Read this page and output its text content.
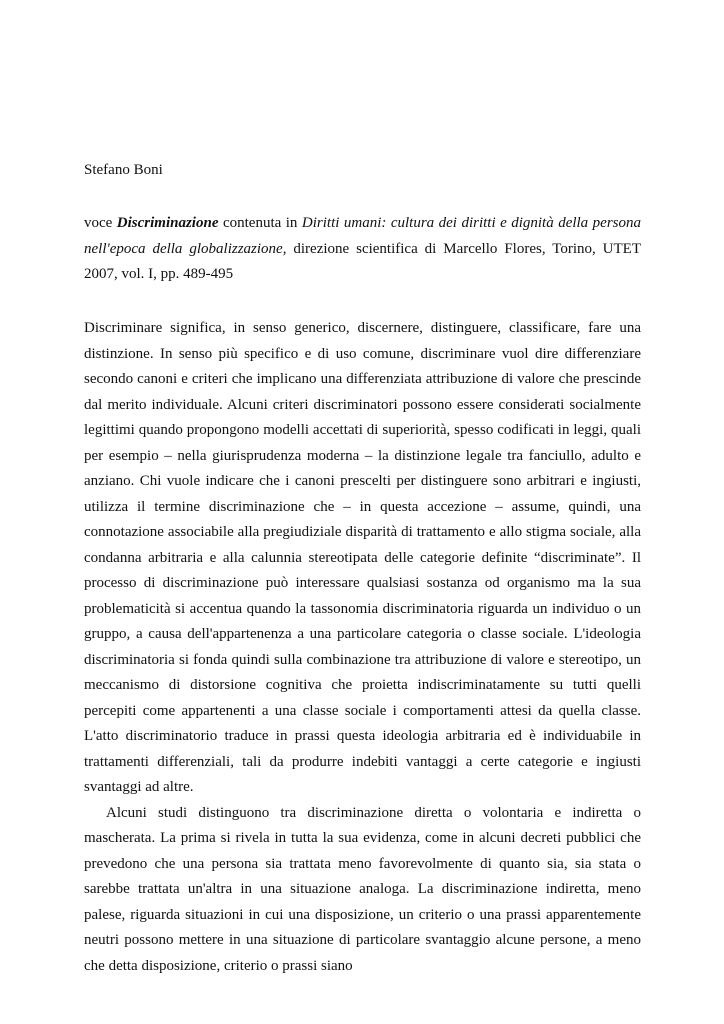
Stefano Boni

voce Discriminazione contenuta in Diritti umani: cultura dei diritti e dignità della persona nell'epoca della globalizzazione, direzione scientifica di Marcello Flores, Torino, UTET 2007, vol. I, pp. 489-495

Discriminare significa, in senso generico, discernere, distinguere, classificare, fare una distinzione. In senso più specifico e di uso comune, discriminare vuol dire differenziare secondo canoni e criteri che implicano una differenziata attribuzione di valore che prescinde dal merito individuale. Alcuni criteri discriminatori possono essere considerati socialmente legittimi quando propongono modelli accettati di superiorità, spesso codificati in leggi, quali per esempio – nella giurisprudenza moderna – la distinzione legale tra fanciullo, adulto e anziano. Chi vuole indicare che i canoni prescelti per distinguere sono arbitrari e ingiusti, utilizza il termine discriminazione che – in questa accezione – assume, quindi, una connotazione associabile alla pregiudiziale disparità di trattamento e allo stigma sociale, alla condanna arbitraria e alla calunnia stereotipata delle categorie definite “discriminate”. Il processo di discriminazione può interessare qualsiasi sostanza od organismo ma la sua problematicità si accentua quando la tassonomia discriminatoria riguarda un individuo o un gruppo, a causa dell'appartenenza a una particolare categoria o classe sociale. L'ideologia discriminatoria si fonda quindi sulla combinazione tra attribuzione di valore e stereotipo, un meccanismo di distorsione cognitiva che proietta indiscriminatamente su tutti quelli percepiti come appartenenti a una classe sociale i comportamenti attesi da quella classe. L'atto discriminatorio traduce in prassi questa ideologia arbitraria ed è individuabile in trattamenti differenziali, tali da produrre indebiti vantaggi a certe categorie e ingiusti svantaggi ad altre.

Alcuni studi distinguono tra discriminazione diretta o volontaria e indiretta o mascherata. La prima si rivela in tutta la sua evidenza, come in alcuni decreti pubblici che prevedono che una persona sia trattata meno favorevolmente di quanto sia, sia stata o sarebbe trattata un'altra in una situazione analoga. La discriminazione indiretta, meno palese, riguarda situazioni in cui una disposizione, un criterio o una prassi apparentemente neutri possono mettere in una situazione di particolare svantaggio alcune persone, a meno che detta disposizione, criterio o prassi siano
